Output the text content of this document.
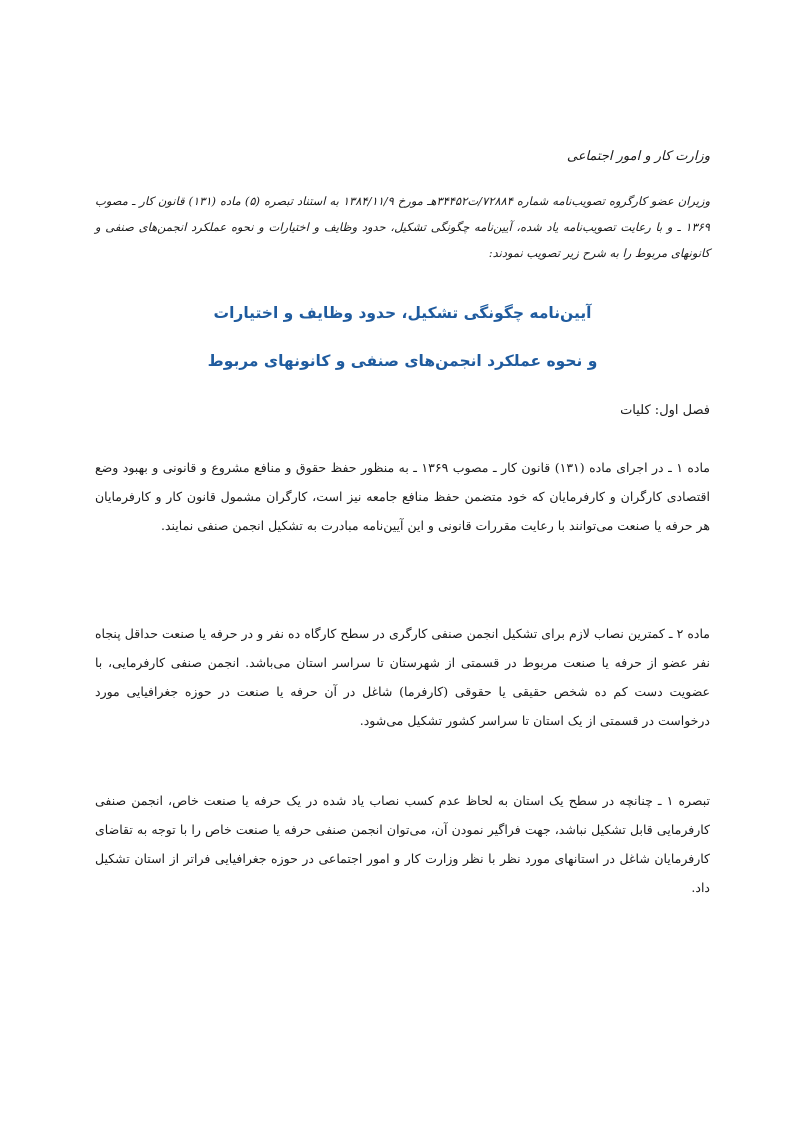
وزارت کار و امور اجتماعی

وزیران عضو کارگروه تصویب‌نامه شماره ۷۲۸۸۴/ت۳۴۴۵۲هـ مورخ ۱۳۸۴/۱۱/۹ به استناد تبصره (۵) ماده (۱۳۱) قانون کار ـ مصوب ۱۳۶۹ ـ و با رعایت تصویب‌نامه یاد شده، آیین‌نامه چگونگی تشکیل، حدود وظایف و اختیارات و نحوه عملکرد انجمن‌های صنفی و کانونهای مربوط را به شرح زیر تصویب نمودند:

آیین‌نامه چگونگی تشکیل، حدود وظایف و اختیارات

و نحوه عملکرد انجمن‌های صنفی و کانونهای مربوط

فصل اول: کلیات

ماده ۱ ـ در اجرای ماده (۱۳۱) قانون کار ـ مصوب ۱۳۶۹ ـ به منظور حفظ حقوق و منافع مشروع و قانونی و بهبود وضع اقتصادی کارگران و کارفرمایان که خود متضمن حفظ منافع جامعه نیز است، کارگران مشمول قانون کار و کارفرمایان هر حرفه یا صنعت می‌توانند با رعایت مقررات قانونی و این آیین‌نامه مبادرت به تشکیل انجمن صنفی نمایند.

ماده ۲ ـ کمترین نصاب لازم برای تشکیل انجمن صنفی کارگری در سطح کارگاه ده نفر و در حرفه یا صنعت حداقل پنجاه نفر عضو از حرفه یا صنعت مربوط در قسمتی از شهرستان تا سراسر استان می‌باشد. انجمن صنفی کارفرمایی، با عضویت دست کم ده شخص حقیقی یا حقوقی (کارفرما) شاغل در آن حرفه یا صنعت در حوزه جغرافیایی مورد درخواست در قسمتی از یک استان تا سراسر کشور تشکیل می‌شود.

تبصره ۱ ـ چنانچه در سطح یک استان به لحاظ عدم کسب نصاب یاد شده در یک حرفه یا صنعت خاص، انجمن صنفی کارفرمایی قابل تشکیل نباشد، جهت فراگیر نمودن آن، می‌توان انجمن صنفی حرفه یا صنعت خاص را با توجه به تقاضای کارفرمایان شاغل در استانهای مورد نظر با نظر وزارت کار و امور اجتماعی در حوزه جغرافیایی فراتر از استان تشکیل داد.
